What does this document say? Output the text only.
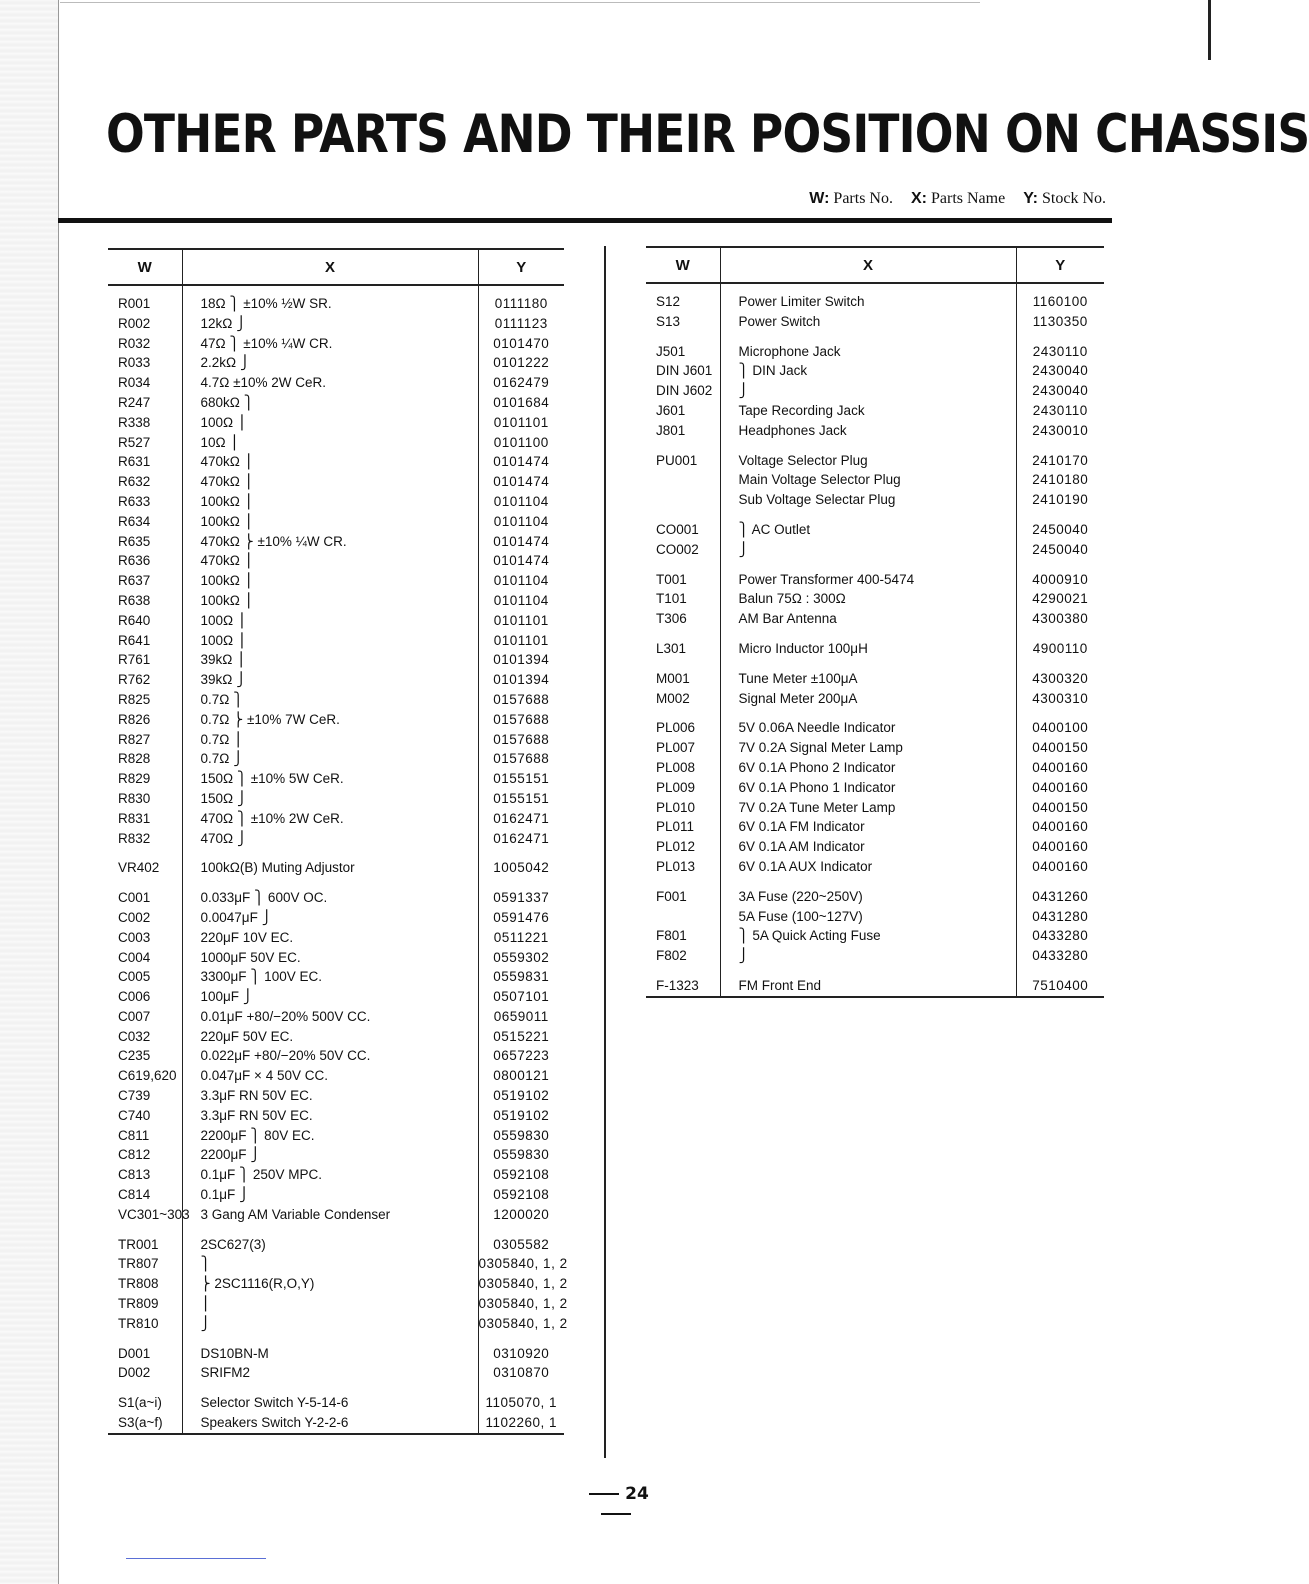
OTHER PARTS AND THEIR POSITION ON CHASSIS
W: Parts No. X: Parts Name Y: Stock No.
W	X	Y
R001	18Ω ⎫ ±10% ½W SR.	0111180
R002	12kΩ ⎭	0111123
R032	47Ω ⎫ ±10% ¼W CR.	0101470
R033	2.2kΩ ⎭	0101222
R034	4.7Ω ±10% 2W CeR.	0162479
R247	680kΩ ⎫	0101684
R338	100Ω ⎪	0101101
R527	10Ω ⎪	0101100
R631	470kΩ ⎪	0101474
R632	470kΩ ⎪	0101474
R633	100kΩ ⎪	0101104
R634	100kΩ ⎪	0101104
R635	470kΩ ⎬ ±10% ¼W CR.	0101474
R636	470kΩ ⎪	0101474
R637	100kΩ ⎪	0101104
R638	100kΩ ⎪	0101104
R640	100Ω ⎪	0101101
R641	100Ω ⎪	0101101
R761	39kΩ ⎪	0101394
R762	39kΩ ⎭	0101394
R825	0.7Ω ⎫	0157688
R826	0.7Ω ⎬ ±10% 7W CeR.	0157688
R827	0.7Ω ⎪	0157688
R828	0.7Ω ⎭	0157688
R829	150Ω ⎫ ±10% 5W CeR.	0155151
R830	150Ω ⎭	0155151
R831	470Ω ⎫ ±10% 2W CeR.	0162471
R832	470Ω ⎭	0162471

VR402	100kΩ(B) Muting Adjustor	1005042

C001	0.033μF ⎫ 600V OC.	0591337
C002	0.0047μF ⎭	0591476
C003	220μF 10V EC.	0511221
C004	1000μF 50V EC.	0559302
C005	3300μF ⎫ 100V EC.	0559831
C006	100μF ⎭	0507101
C007	0.01μF +80/−20% 500V CC.	0659011
C032	220μF 50V EC.	0515221
C235	0.022μF +80/−20% 50V CC.	0657223
C619,620	0.047μF × 4 50V CC.	0800121
C739	3.3μF RN 50V EC.	0519102
C740	3.3μF RN 50V EC.	0519102
C811	2200μF ⎫ 80V EC.	0559830
C812	2200μF ⎭	0559830
C813	0.1μF ⎫ 250V MPC.	0592108
C814	0.1μF ⎭	0592108
VC301~303	3 Gang AM Variable Condenser	1200020

TR001	2SC627(3)	0305582
TR807	⎫	0305840, 1, 2
TR808	⎬ 2SC1116(R,O,Y)	0305840, 1, 2
TR809	⎪	0305840, 1, 2
TR810	⎭	0305840, 1, 2

D001	DS10BN-M	0310920
D002	SRIFM2	0310870

S1(a~i)	Selector Switch Y-5-14-6	1105070, 1
S3(a~f)	Speakers Switch Y-2-2-6	1102260, 1
W	X	Y
S12	Power Limiter Switch	1160100
S13	Power Switch	1130350

J501	Microphone Jack	2430110
DIN J601	⎫ DIN Jack	2430040
DIN J602	⎭	2430040
J601	Tape Recording Jack	2430110
J801	Headphones Jack	2430010

PU001	Voltage Selector Plug	2410170
	Main Voltage Selector Plug	2410180
	Sub Voltage Selectar Plug	2410190

CO001	⎫ AC Outlet	2450040
CO002	⎭	2450040

T001	Power Transformer 400-5474	4000910
T101	Balun 75Ω : 300Ω	4290021
T306	AM Bar Antenna	4300380

L301	Micro Inductor 100μH	4900110

M001	Tune Meter ±100μA	4300320
M002	Signal Meter 200μA	4300310

PL006	5V 0.06A Needle Indicator	0400100
PL007	7V 0.2A Signal Meter Lamp	0400150
PL008	6V 0.1A Phono 2 Indicator	0400160
PL009	6V 0.1A Phono 1 Indicator	0400160
PL010	7V 0.2A Tune Meter Lamp	0400150
PL011	6V 0.1A FM Indicator	0400160
PL012	6V 0.1A AM Indicator	0400160
PL013	6V 0.1A AUX Indicator	0400160

F001	3A Fuse (220~250V)	0431260
	5A Fuse (100~127V)	0431280
F801	⎫ 5A Quick Acting Fuse	0433280
F802	⎭	0433280

F-1323	FM Front End	7510400
24
